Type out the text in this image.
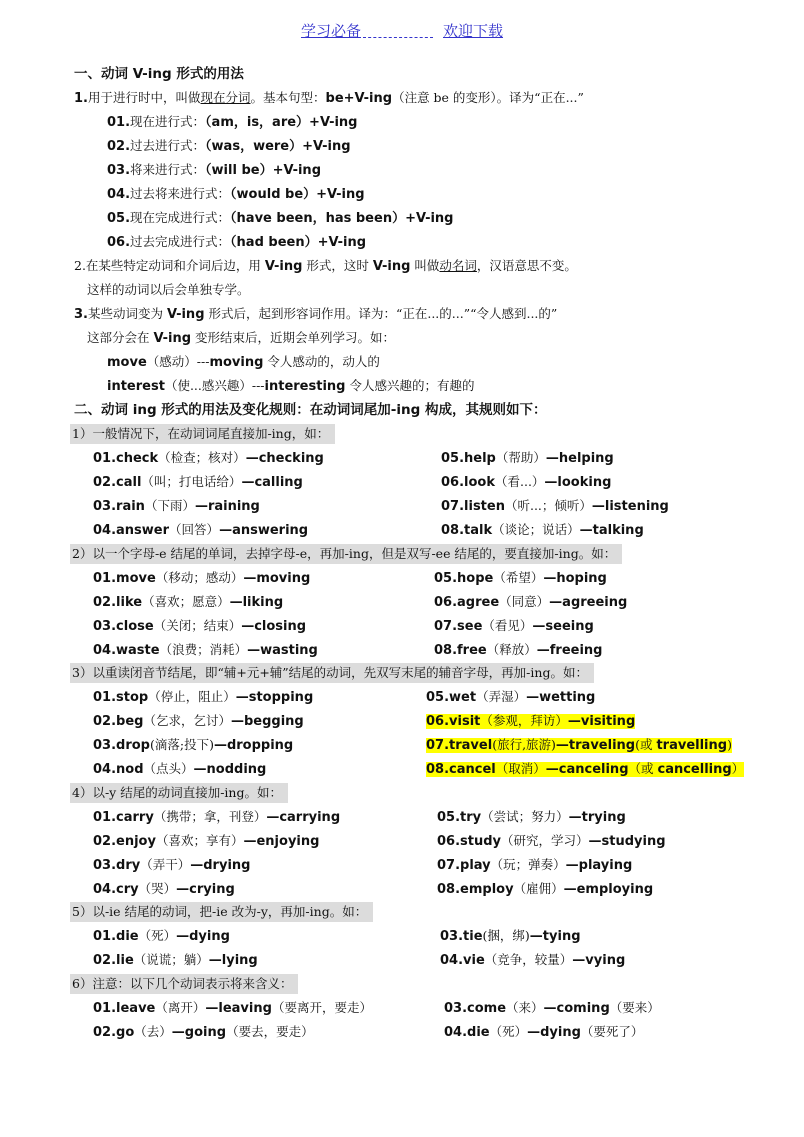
学习必备	欢迎下载
一、动词 V-ing 形式的用法
1.用于进行时中，叫做现在分词。基本句型：be+V-ing（注意 be 的变形）。译为“正在...”
01.现在进行式：（am，is，are）+V-ing
02.过去进行式：（was，were）+V-ing
03.将来进行式：（will be）+V-ing
04.过去将来进行式：（would be）+V-ing
05.现在完成进行式：（have been，has been）+V-ing
06.过去完成进行式：（had been）+V-ing
2.在某些特定动词和介词后边，用 V-ing 形式，这时 V-ing 叫做动名词，汉语意思不变。
这样的动词以后会单独专学。
3.某些动词变为 V-ing 形式后，起到形容词作用。译为：“正在...的...”“令人感到...的”
这部分会在 V-ing 变形结束后，近期会单列学习。如：
move（感动）---moving 令人感动的，动人的
interest（使...感兴趣）---interesting 令人感兴趣的；有趣的
二、动词 ing 形式的用法及变化规则：在动词词尾加-ing 构成，其规则如下：
1）一般情况下，在动词词尾直接加-ing，如：
01.check（检查；核对）—checking
02.call（叫；打电话给）—calling
03.rain（下雨）—raining
04.answer（回答）—answering
05.help（帮助）—helping
06.look（看...）—looking
07.listen（听...；倾听）—listening
08.talk（谈论；说话）—talking
2）以一个字母-e 结尾的单词，去掉字母-e，再加-ing，但是双写-ee 结尾的，要直接加-ing。如：
01.move（移动；感动）—moving
02.like（喜欢；愿意）—liking
03.close（关闭；结束）—closing
04.waste（浪费；消耗）—wasting
05.hope（希望）—hoping
06.agree（同意）—agreeing
07.see（看见）—seeing
08.free（释放）—freeing
3）以重读闭音节结尾，即“辅+元+辅”结尾的动词，先双写末尾的辅音字母，再加-ing。如：
01.stop（停止，阻止）—stopping
02.beg（乞求，乞讨）—begging
03.drop(滴落;投下)—dropping
04.nod（点头）—nodding
05.wet（弄湿）—wetting
06.visit（参观，拜访）—visiting
07.travel(旅行,旅游)—traveling(或 travelling)
08.cancel（取消）—canceling（或 cancelling）
4）以-y 结尾的动词直接加-ing。如：
01.carry（携带；拿，刊登）—carrying
02.enjoy（喜欢；享有）—enjoying
03.dry（弄干）—drying
04.cry（哭）—crying
05.try（尝试；努力）—trying
06.study（研究，学习）—studying
07.play（玩；弹奏）—playing
08.employ（雇佣）—employing
5）以-ie 结尾的动词，把-ie 改为-y，再加-ing。如：
01.die（死）—dying
02.lie（说谎；躺）—lying
03.tie(捆，绑)—tying
04.vie（竞争，较量）—vying
6）注意：以下几个动词表示将来含义：
01.leave（离开）—leaving（要离开，要走）
02.go（去）—going（要去，要走）
03.come（来）—coming（要来）
04.die（死）—dying（要死了）
